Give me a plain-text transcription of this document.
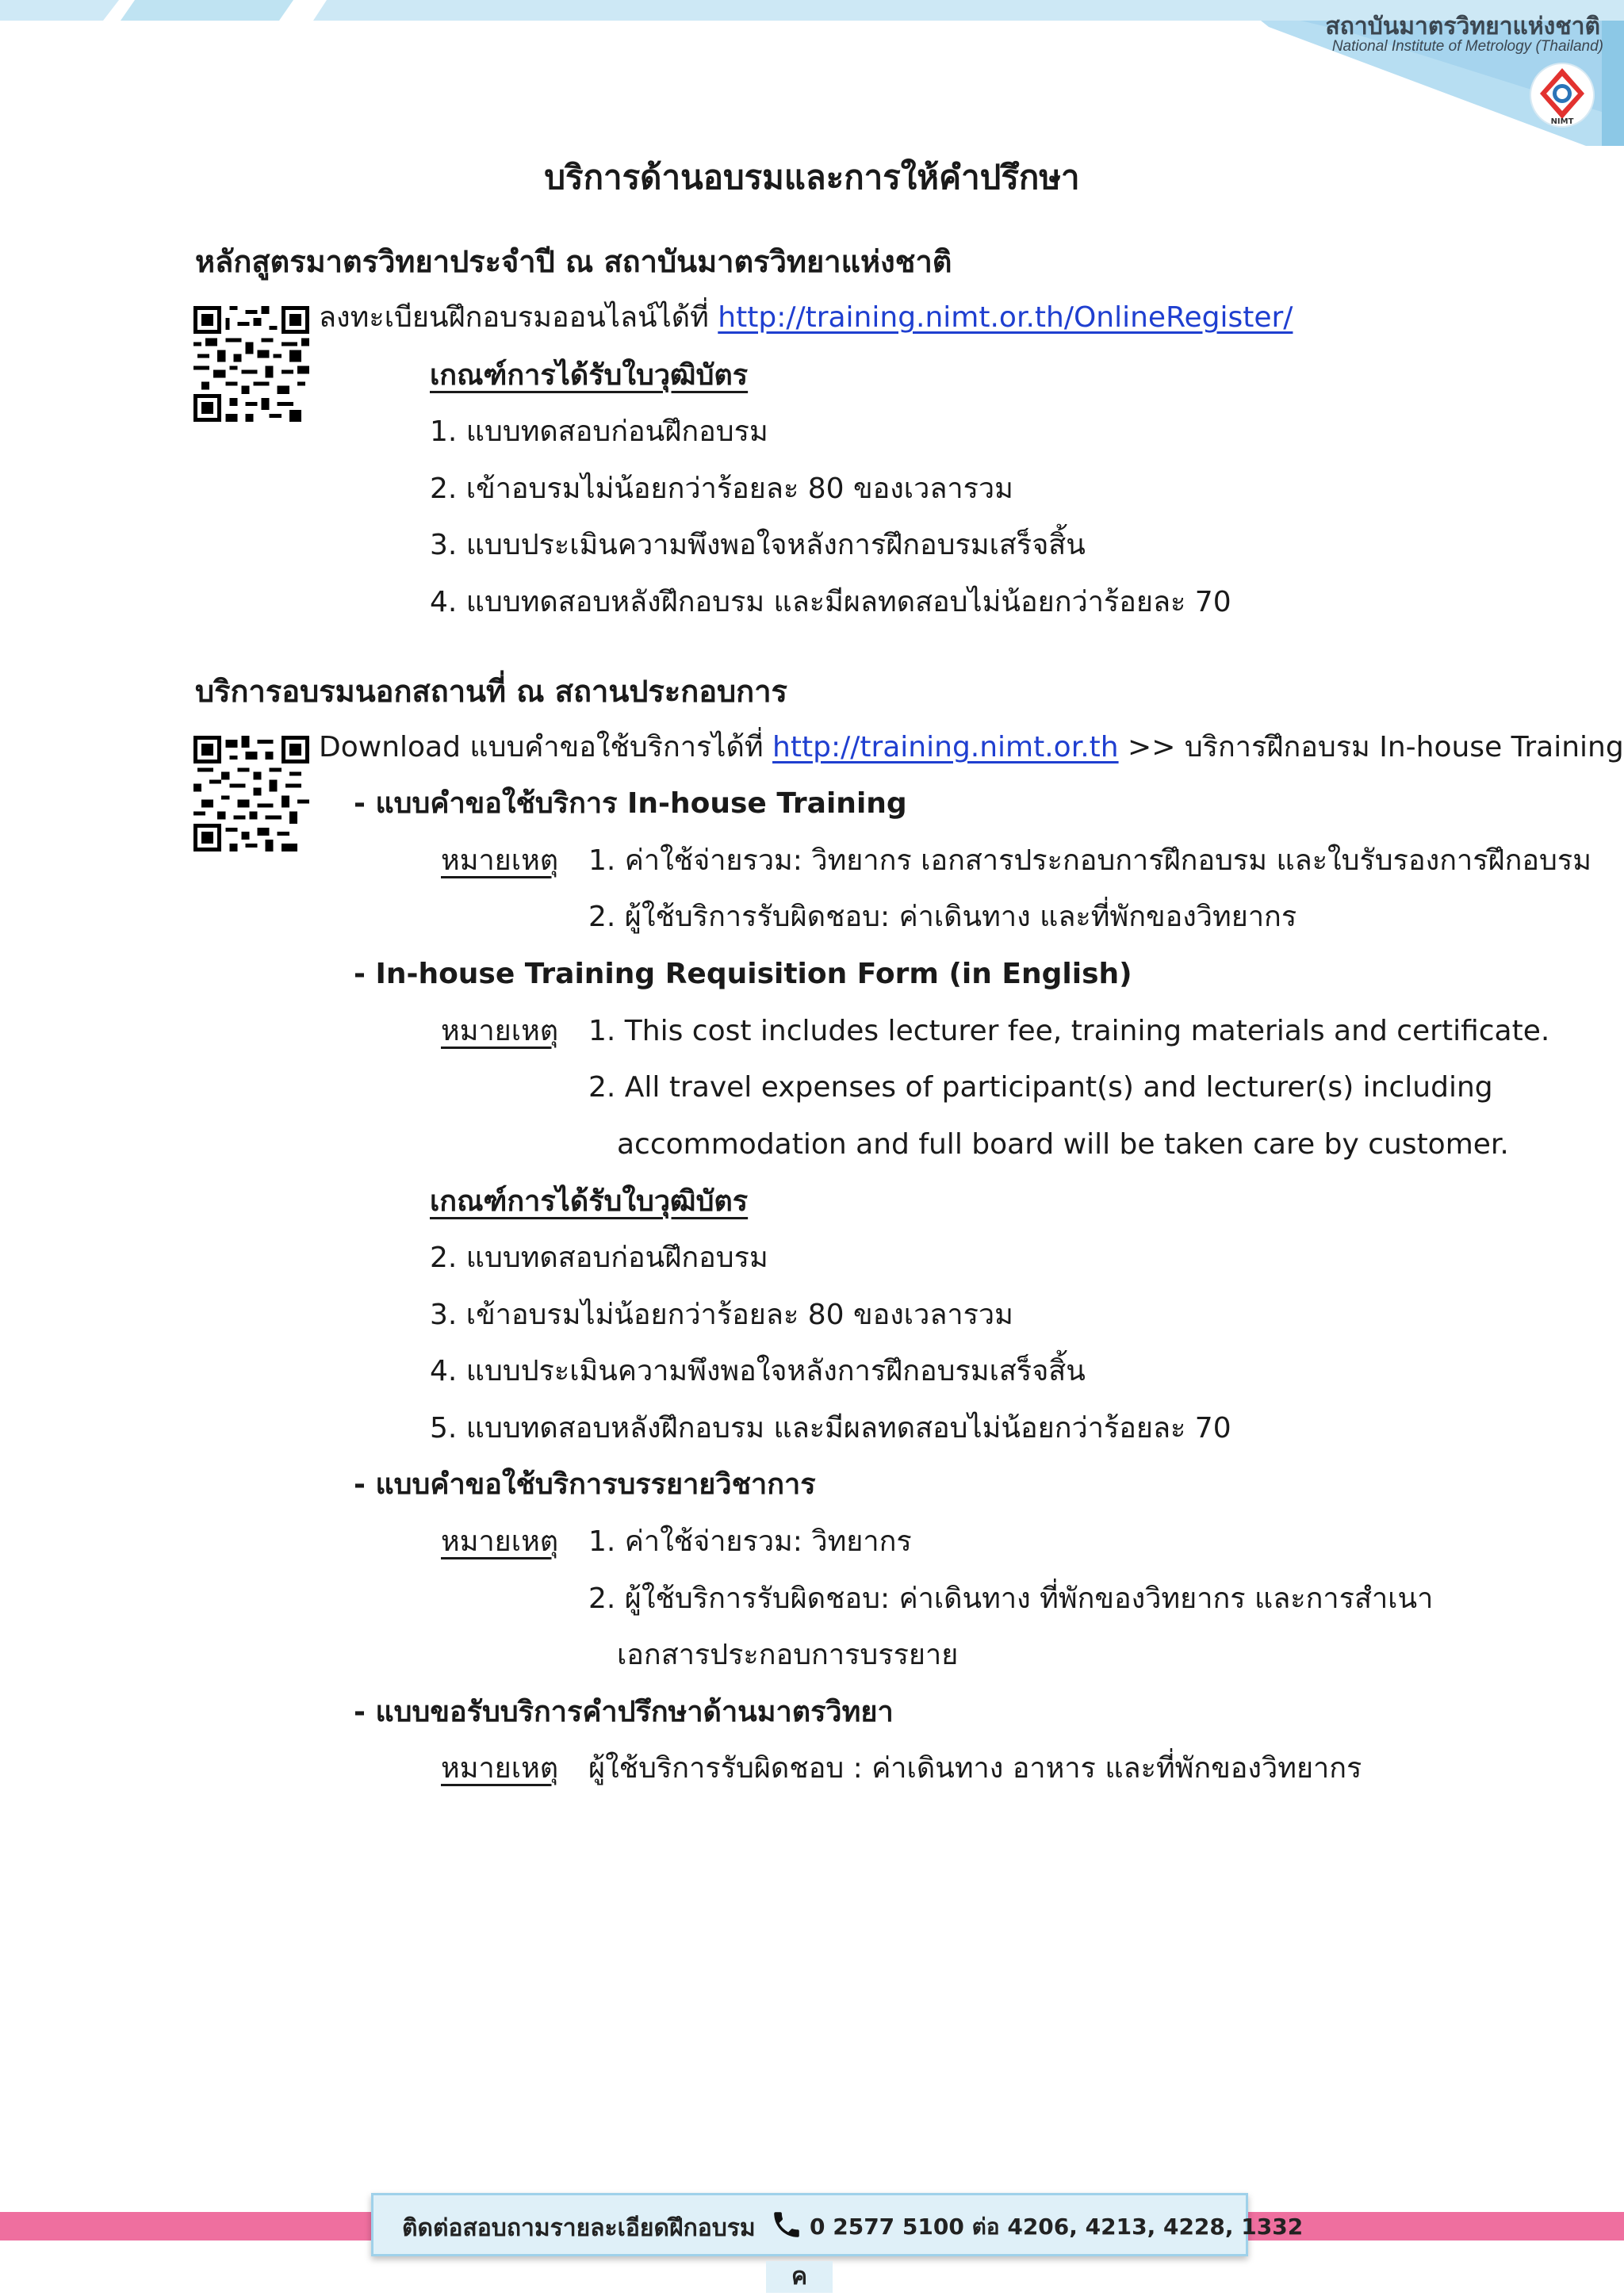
สถาบันมาตรวิทยาแห่งชาติ
National Institute of Metrology (Thailand)
NIMT
บริการด้านอบรมและการให้คำปรึกษา
หลักสูตรมาตรวิทยาประจำปี ณ สถาบันมาตรวิทยาแห่งชาติ
ลงทะเบียนฝึกอบรมออนไลน์ได้ที่ http://training.nimt.or.th/OnlineRegister/
เกณฑ์การได้รับใบวุฒิบัตร
1. แบบทดสอบก่อนฝึกอบรม
2. เข้าอบรมไม่น้อยกว่าร้อยละ 80 ของเวลารวม
3. แบบประเมินความพึงพอใจหลังการฝึกอบรมเสร็จสิ้น
4. แบบทดสอบหลังฝึกอบรม และมีผลทดสอบไม่น้อยกว่าร้อยละ 70
บริการอบรมนอกสถานที่ ณ สถานประกอบการ
Download แบบคำขอใช้บริการได้ที่ http://training.nimt.or.th >> บริการฝึกอบรม In-house Training
- แบบคำขอใช้บริการ In-house Training
หมายเหตุ 1. ค่าใช้จ่ายรวม: วิทยากร เอกสารประกอบการฝึกอบรม และใบรับรองการฝึกอบรม
2. ผู้ใช้บริการรับผิดชอบ: ค่าเดินทาง และที่พักของวิทยากร
- In-house Training Requisition Form (in English)
หมายเหตุ 1. This cost includes lecturer fee, training materials and certificate.
2. All travel expenses of participant(s) and lecturer(s) including
accommodation and full board will be taken care by customer.
เกณฑ์การได้รับใบวุฒิบัตร
2. แบบทดสอบก่อนฝึกอบรม
3. เข้าอบรมไม่น้อยกว่าร้อยละ 80 ของเวลารวม
4. แบบประเมินความพึงพอใจหลังการฝึกอบรมเสร็จสิ้น
5. แบบทดสอบหลังฝึกอบรม และมีผลทดสอบไม่น้อยกว่าร้อยละ 70
- แบบคำขอใช้บริการบรรยายวิชาการ
หมายเหตุ 1. ค่าใช้จ่ายรวม: วิทยากร
2. ผู้ใช้บริการรับผิดชอบ: ค่าเดินทาง ที่พักของวิทยากร และการสำเนา
เอกสารประกอบการบรรยาย
- แบบขอรับบริการคำปรึกษาด้านมาตรวิทยา
หมายเหตุ ผู้ใช้บริการรับผิดชอบ : ค่าเดินทาง อาหาร และที่พักของวิทยากร
ติดต่อสอบถามรายละเอียดฝึกอบรม 0 2577 5100 ต่อ 4206, 4213, 4228, 1332
ค
